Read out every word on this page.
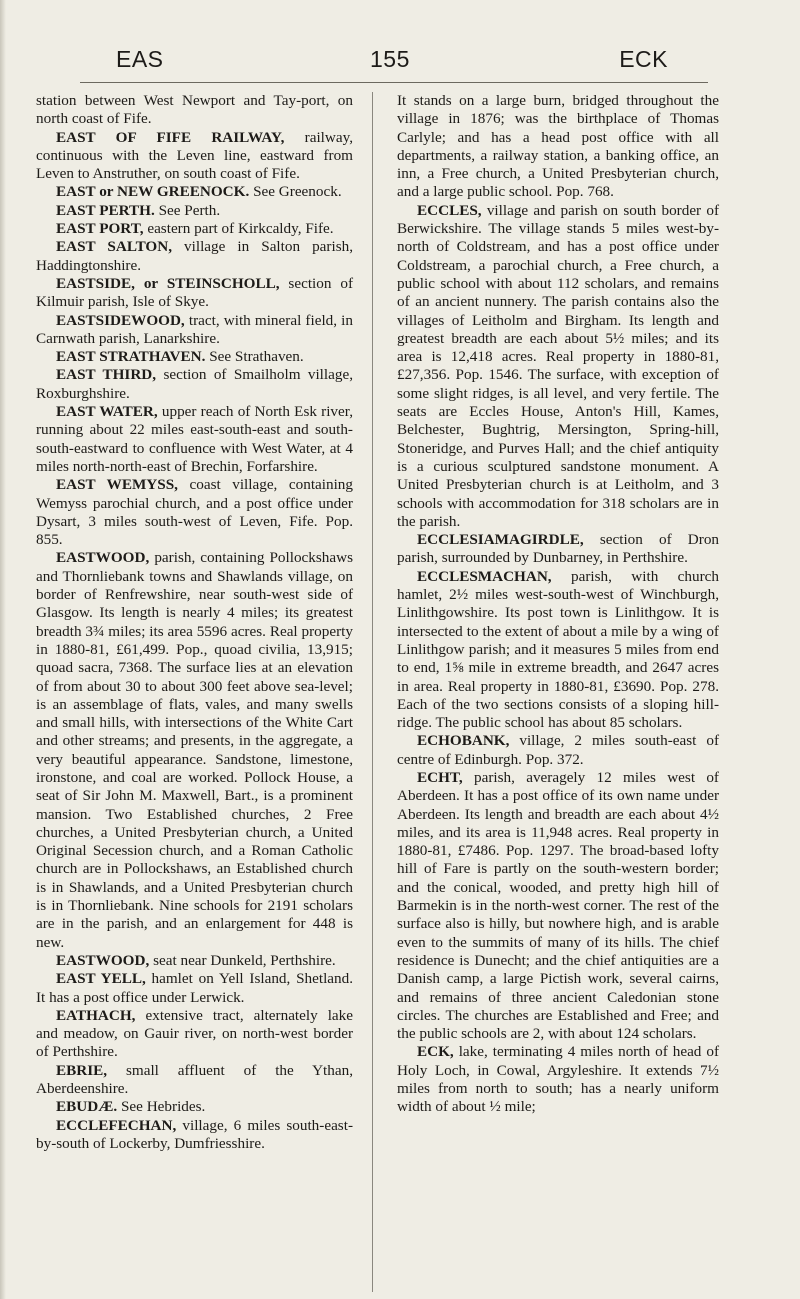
EAS	155	ECK

station between West Newport and Tay-port, on north coast of Fife.

EAST OF FIFE RAILWAY, railway, continuous with the Leven line, eastward from Leven to Anstruther, on south coast of Fife.

EAST or NEW GREENOCK. See Greenock.

EAST PERTH. See Perth.

EAST PORT, eastern part of Kirkcaldy, Fife.

EAST SALTON, village in Salton parish, Haddingtonshire.

EASTSIDE, or STEINSCHOLL, section of Kilmuir parish, Isle of Skye.

EASTSIDEWOOD, tract, with mineral field, in Carnwath parish, Lanarkshire.

EAST STRATHAVEN. See Strathaven.

EAST THIRD, section of Smailholm village, Roxburghshire.

EAST WATER, upper reach of North Esk river, running about 22 miles east-south-east and south-south-eastward to confluence with West Water, at 4 miles north-north-east of Brechin, Forfarshire.

EAST WEMYSS, coast village, containing Wemyss parochial church, and a post office under Dysart, 3 miles south-west of Leven, Fife. Pop. 855.

EASTWOOD, parish, containing Pollockshaws and Thornliebank towns and Shawlands village, on border of Renfrewshire, near south-west side of Glasgow. Its length is nearly 4 miles; its greatest breadth 3¾ miles; its area 5596 acres. Real property in 1880-81, £61,499. Pop., quoad civilia, 13,915; quoad sacra, 7368. The surface lies at an elevation of from about 30 to about 300 feet above sea-level; is an assemblage of flats, vales, and many swells and small hills, with intersections of the White Cart and other streams; and presents, in the aggregate, a very beautiful appearance. Sandstone, limestone, ironstone, and coal are worked. Pollock House, a seat of Sir John M. Maxwell, Bart., is a prominent mansion. Two Established churches, 2 Free churches, a United Presbyterian church, a United Original Secession church, and a Roman Catholic church are in Pollockshaws, an Established church is in Shawlands, and a United Presbyterian church is in Thornliebank. Nine schools for 2191 scholars are in the parish, and an enlargement for 448 is new.

EASTWOOD, seat near Dunkeld, Perthshire.

EAST YELL, hamlet on Yell Island, Shetland. It has a post office under Lerwick.

EATHACH, extensive tract, alternately lake and meadow, on Gauir river, on north-west border of Perthshire.

EBRIE, small affluent of the Ythan, Aberdeenshire.

EBUDÆ. See Hebrides.

ECCLEFECHAN, village, 6 miles south-east-by-south of Lockerby, Dumfriesshire.

It stands on a large burn, bridged throughout the village in 1876; was the birthplace of Thomas Carlyle; and has a head post office with all departments, a railway station, a banking office, an inn, a Free church, a United Presbyterian church, and a large public school. Pop. 768.

ECCLES, village and parish on south border of Berwickshire. The village stands 5 miles west-by-north of Coldstream, and has a post office under Coldstream, a parochial church, a Free church, a public school with about 112 scholars, and remains of an ancient nunnery. The parish contains also the villages of Leitholm and Birgham. Its length and greatest breadth are each about 5½ miles; and its area is 12,418 acres. Real property in 1880-81, £27,356. Pop. 1546. The surface, with exception of some slight ridges, is all level, and very fertile. The seats are Eccles House, Anton's Hill, Kames, Belchester, Bughtrig, Mersington, Spring-hill, Stoneridge, and Purves Hall; and the chief antiquity is a curious sculptured sandstone monument. A United Presbyterian church is at Leitholm, and 3 schools with accommodation for 318 scholars are in the parish.

ECCLESIAMAGIRDLE, section of Dron parish, surrounded by Dunbarney, in Perthshire.

ECCLESMACHAN, parish, with church hamlet, 2½ miles west-south-west of Winchburgh, Linlithgowshire. Its post town is Linlithgow. It is intersected to the extent of about a mile by a wing of Linlithgow parish; and it measures 5 miles from end to end, 1⅝ mile in extreme breadth, and 2647 acres in area. Real property in 1880-81, £3690. Pop. 278. Each of the two sections consists of a sloping hill-ridge. The public school has about 85 scholars.

ECHOBANK, village, 2 miles south-east of centre of Edinburgh. Pop. 372.

ECHT, parish, averagely 12 miles west of Aberdeen. It has a post office of its own name under Aberdeen. Its length and breadth are each about 4½ miles, and its area is 11,948 acres. Real property in 1880-81, £7486. Pop. 1297. The broad-based lofty hill of Fare is partly on the south-western border; and the conical, wooded, and pretty high hill of Barmekin is in the north-west corner. The rest of the surface also is hilly, but nowhere high, and is arable even to the summits of many of its hills. The chief residence is Dunecht; and the chief antiquities are a Danish camp, a large Pictish work, several cairns, and remains of three ancient Caledonian stone circles. The churches are Established and Free; and the public schools are 2, with about 124 scholars.

ECK, lake, terminating 4 miles north of head of Holy Loch, in Cowal, Argyleshire. It extends 7½ miles from north to south; has a nearly uniform width of about ½ mile;
